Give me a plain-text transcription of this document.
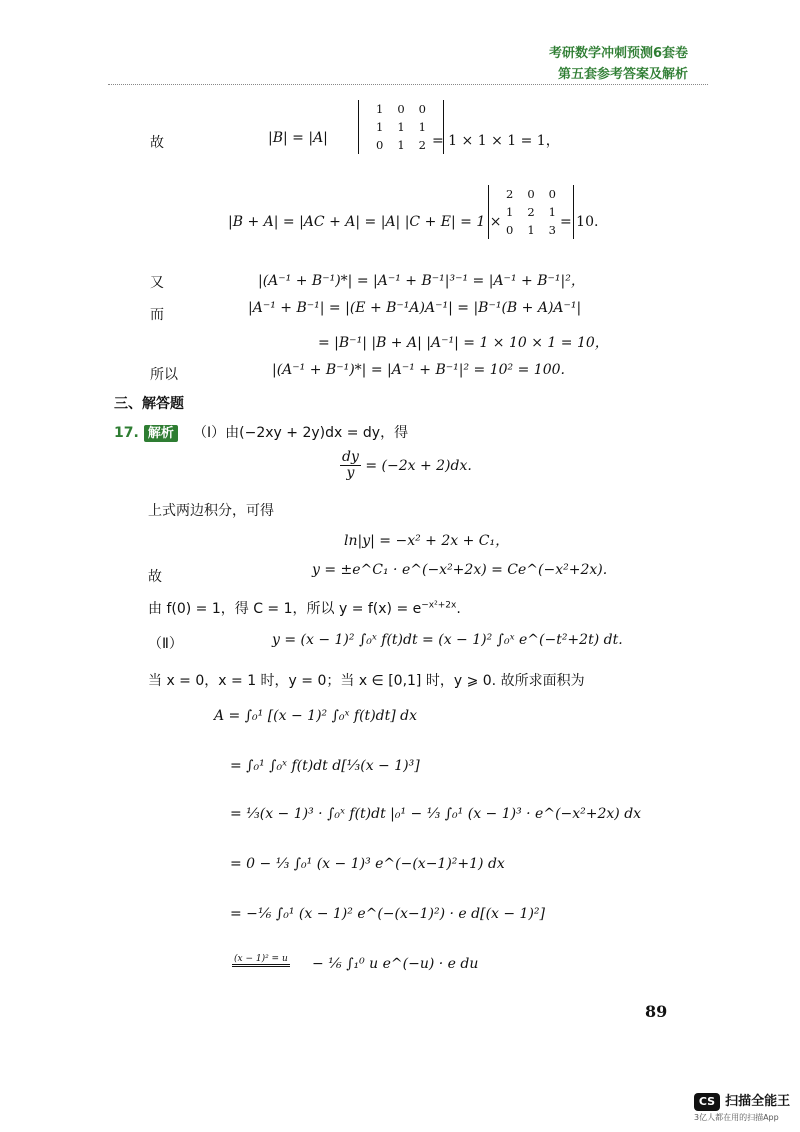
考研数学冲刺预测6套卷
第五套参考答案及解析
故	|B| = |A|
1	0	0
1	1	1
0	1	2 = 1 × 1 × 1 = 1，
|B + A| = |AC + A| = |A| |C + E| = 1 ×
2	0	0
1	2	1
0	1	3 = 10.
又	|(A⁻¹ + B⁻¹)*| = |A⁻¹ + B⁻¹|³⁻¹ = |A⁻¹ + B⁻¹|²，
而	|A⁻¹ + B⁻¹| = |(E + B⁻¹A)A⁻¹| = |B⁻¹(B + A)A⁻¹|
= |B⁻¹| |B + A| |A⁻¹| = 1 × 10 × 1 = 10，
所以	|(A⁻¹ + B⁻¹)*| = |A⁻¹ + B⁻¹|² = 10² = 100.
三、解答题
17. 解析 （Ⅰ）由(−2xy + 2y)dx = dy，得
$\frac{dy}{y} = (-2x + 2)dx$.
上式两边积分，可得
ln|y| = −x² + 2x + C₁，
故	y = ±e^C₁ · e^(−x²+2x) = Ce^(−x²+2x).
由 f(0) = 1，得 C = 1，所以 $y = f(x) = e^{-x^2+2x}$.
（Ⅱ）	y = (x − 1)² ∫₀ˣ f(t)dt = (x − 1)² ∫₀ˣ e^(−t²+2t) dt.
当 x = 0，x = 1 时，y = 0；当 x ∈ [0,1] 时，y ⩾ 0. 故所求面积为
A = ∫₀¹ [(x − 1)² ∫₀ˣ f(t)dt] dx
= ∫₀¹ ∫₀ˣ f(t)dt d[⅓(x − 1)³]
= ⅓(x − 1)³ · ∫₀ˣ f(t)dt |₀¹ − ⅓ ∫₀¹ (x − 1)³ · e^(−x²+2x) dx
= 0 − ⅓ ∫₀¹ (x − 1)³ e^(−(x−1)²+1) dx
= −⅙ ∫₀¹ (x − 1)² e^(−(x−1)²) · e d[(x − 1)²]
(x − 1)² = u − ⅙ ∫₁⁰ u e^(−u) · e du
89
CS 扫描全能王
3亿人都在用的扫描App
